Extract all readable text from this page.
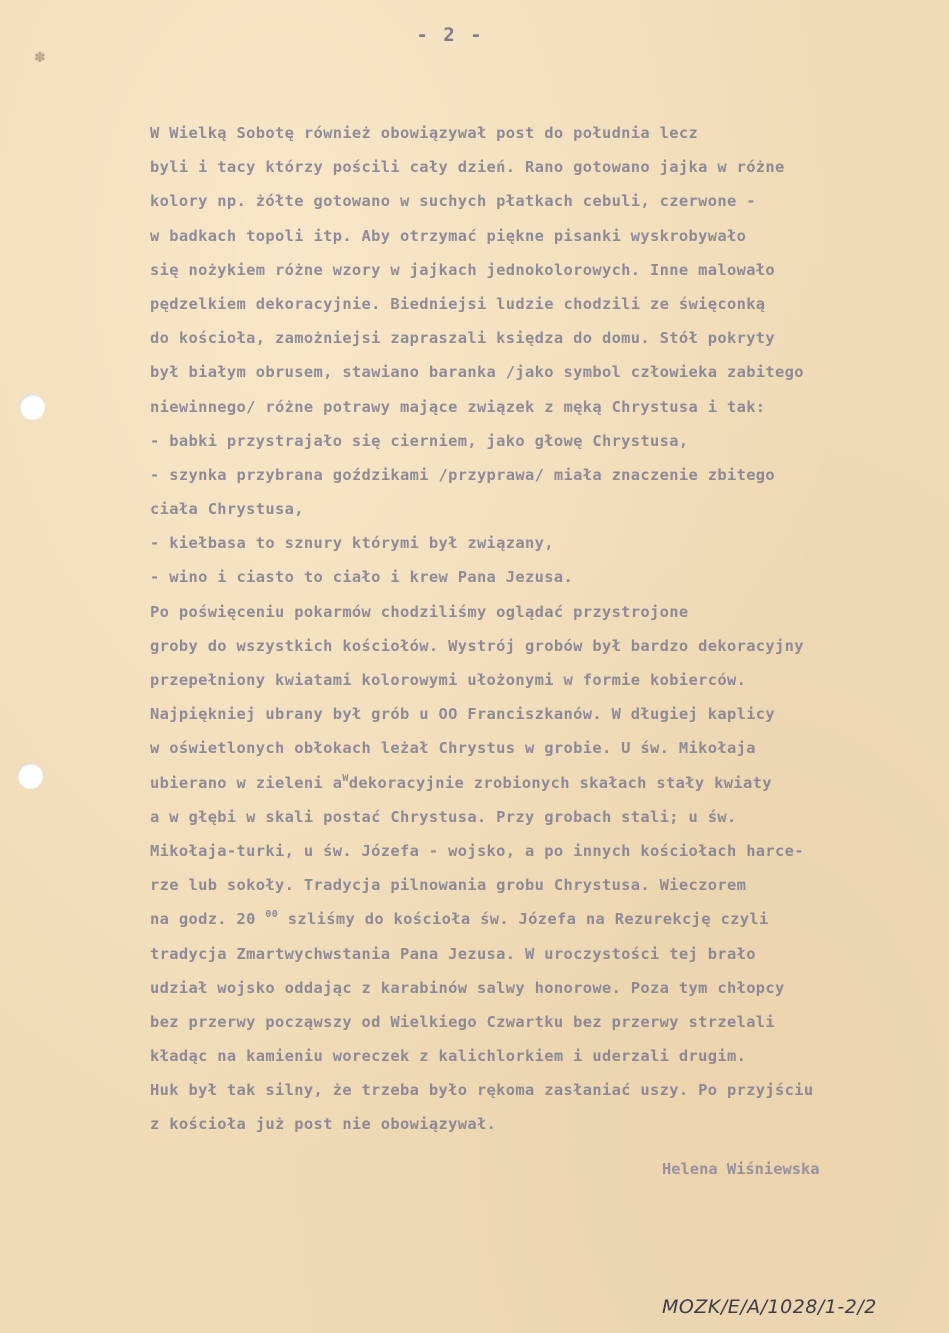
✽
- 2 -
W Wielką Sobotę również obowiązywał post do południa lecz
byli i tacy którzy pościli cały dzień. Rano gotowano jajka w różne
kolory np. żółte gotowano w suchych płatkach cebuli, czerwone -
w badkach topoli itp. Aby otrzymać piękne pisanki wyskrobywało
się nożykiem różne wzory w jajkach jednokolorowych. Inne malowało
pędzelkiem dekoracyjnie. Biedniejsi ludzie chodzili ze święconką
do kościoła, zamożniejsi zapraszali księdza do domu. Stół pokryty
był białym obrusem, stawiano baranka /jako symbol człowieka zabitego
niewinnego/ różne potrawy mające związek z męką Chrystusa i tak:
- babki przystrajało się cierniem, jako głowę Chrystusa,
- szynka przybrana goździkami /przyprawa/ miała znaczenie zbitego
ciała Chrystusa,
- kiełbasa to sznury którymi był związany,
- wino i ciasto to ciało i krew Pana Jezusa.
Po poświęceniu pokarmów chodziliśmy oglądać przystrojone
groby do wszystkich kościołów. Wystrój grobów był bardzo dekoracyjny
przepełniony kwiatami kolorowymi ułożonymi w formie kobierców.
Najpiękniej ubrany był grób u OO Franciszkanów. W długiej kaplicy
w oświetlonych obłokach leżał Chrystus w grobie. U św. Mikołaja
ubierano w zieleni $a^Wdekoracyjnie$ zrobionych skałach stały kwiaty
a w głębi w skali postać Chrystusa. Przy grobach stali; u św.
Mikołaja-turki, u św. Józefa - wojsko, a po innych kościołach harce-
rze lub sokoły. Tradycja pilnowania grobu Chrystusa. Wieczorem
na godz. 20 $^{00}$ szliśmy do kościoła św. Józefa na Rezurekcję czyli
tradycja Zmartwychwstania Pana Jezusa. W uroczystości tej brało
udział wojsko oddając z karabinów salwy honorowe. Poza tym chłopcy
bez przerwy począwszy od Wielkiego Czwartku bez przerwy strzelali
kładąc na kamieniu woreczek z kalichlorkiem i uderzali drugim.
Huk był tak silny, że trzeba było rękoma zasłaniać uszy. Po przyjściu
z kościoła już post nie obowiązywał.
Helena Wiśniewska
MOZK/E/A/1028/1-2/2
